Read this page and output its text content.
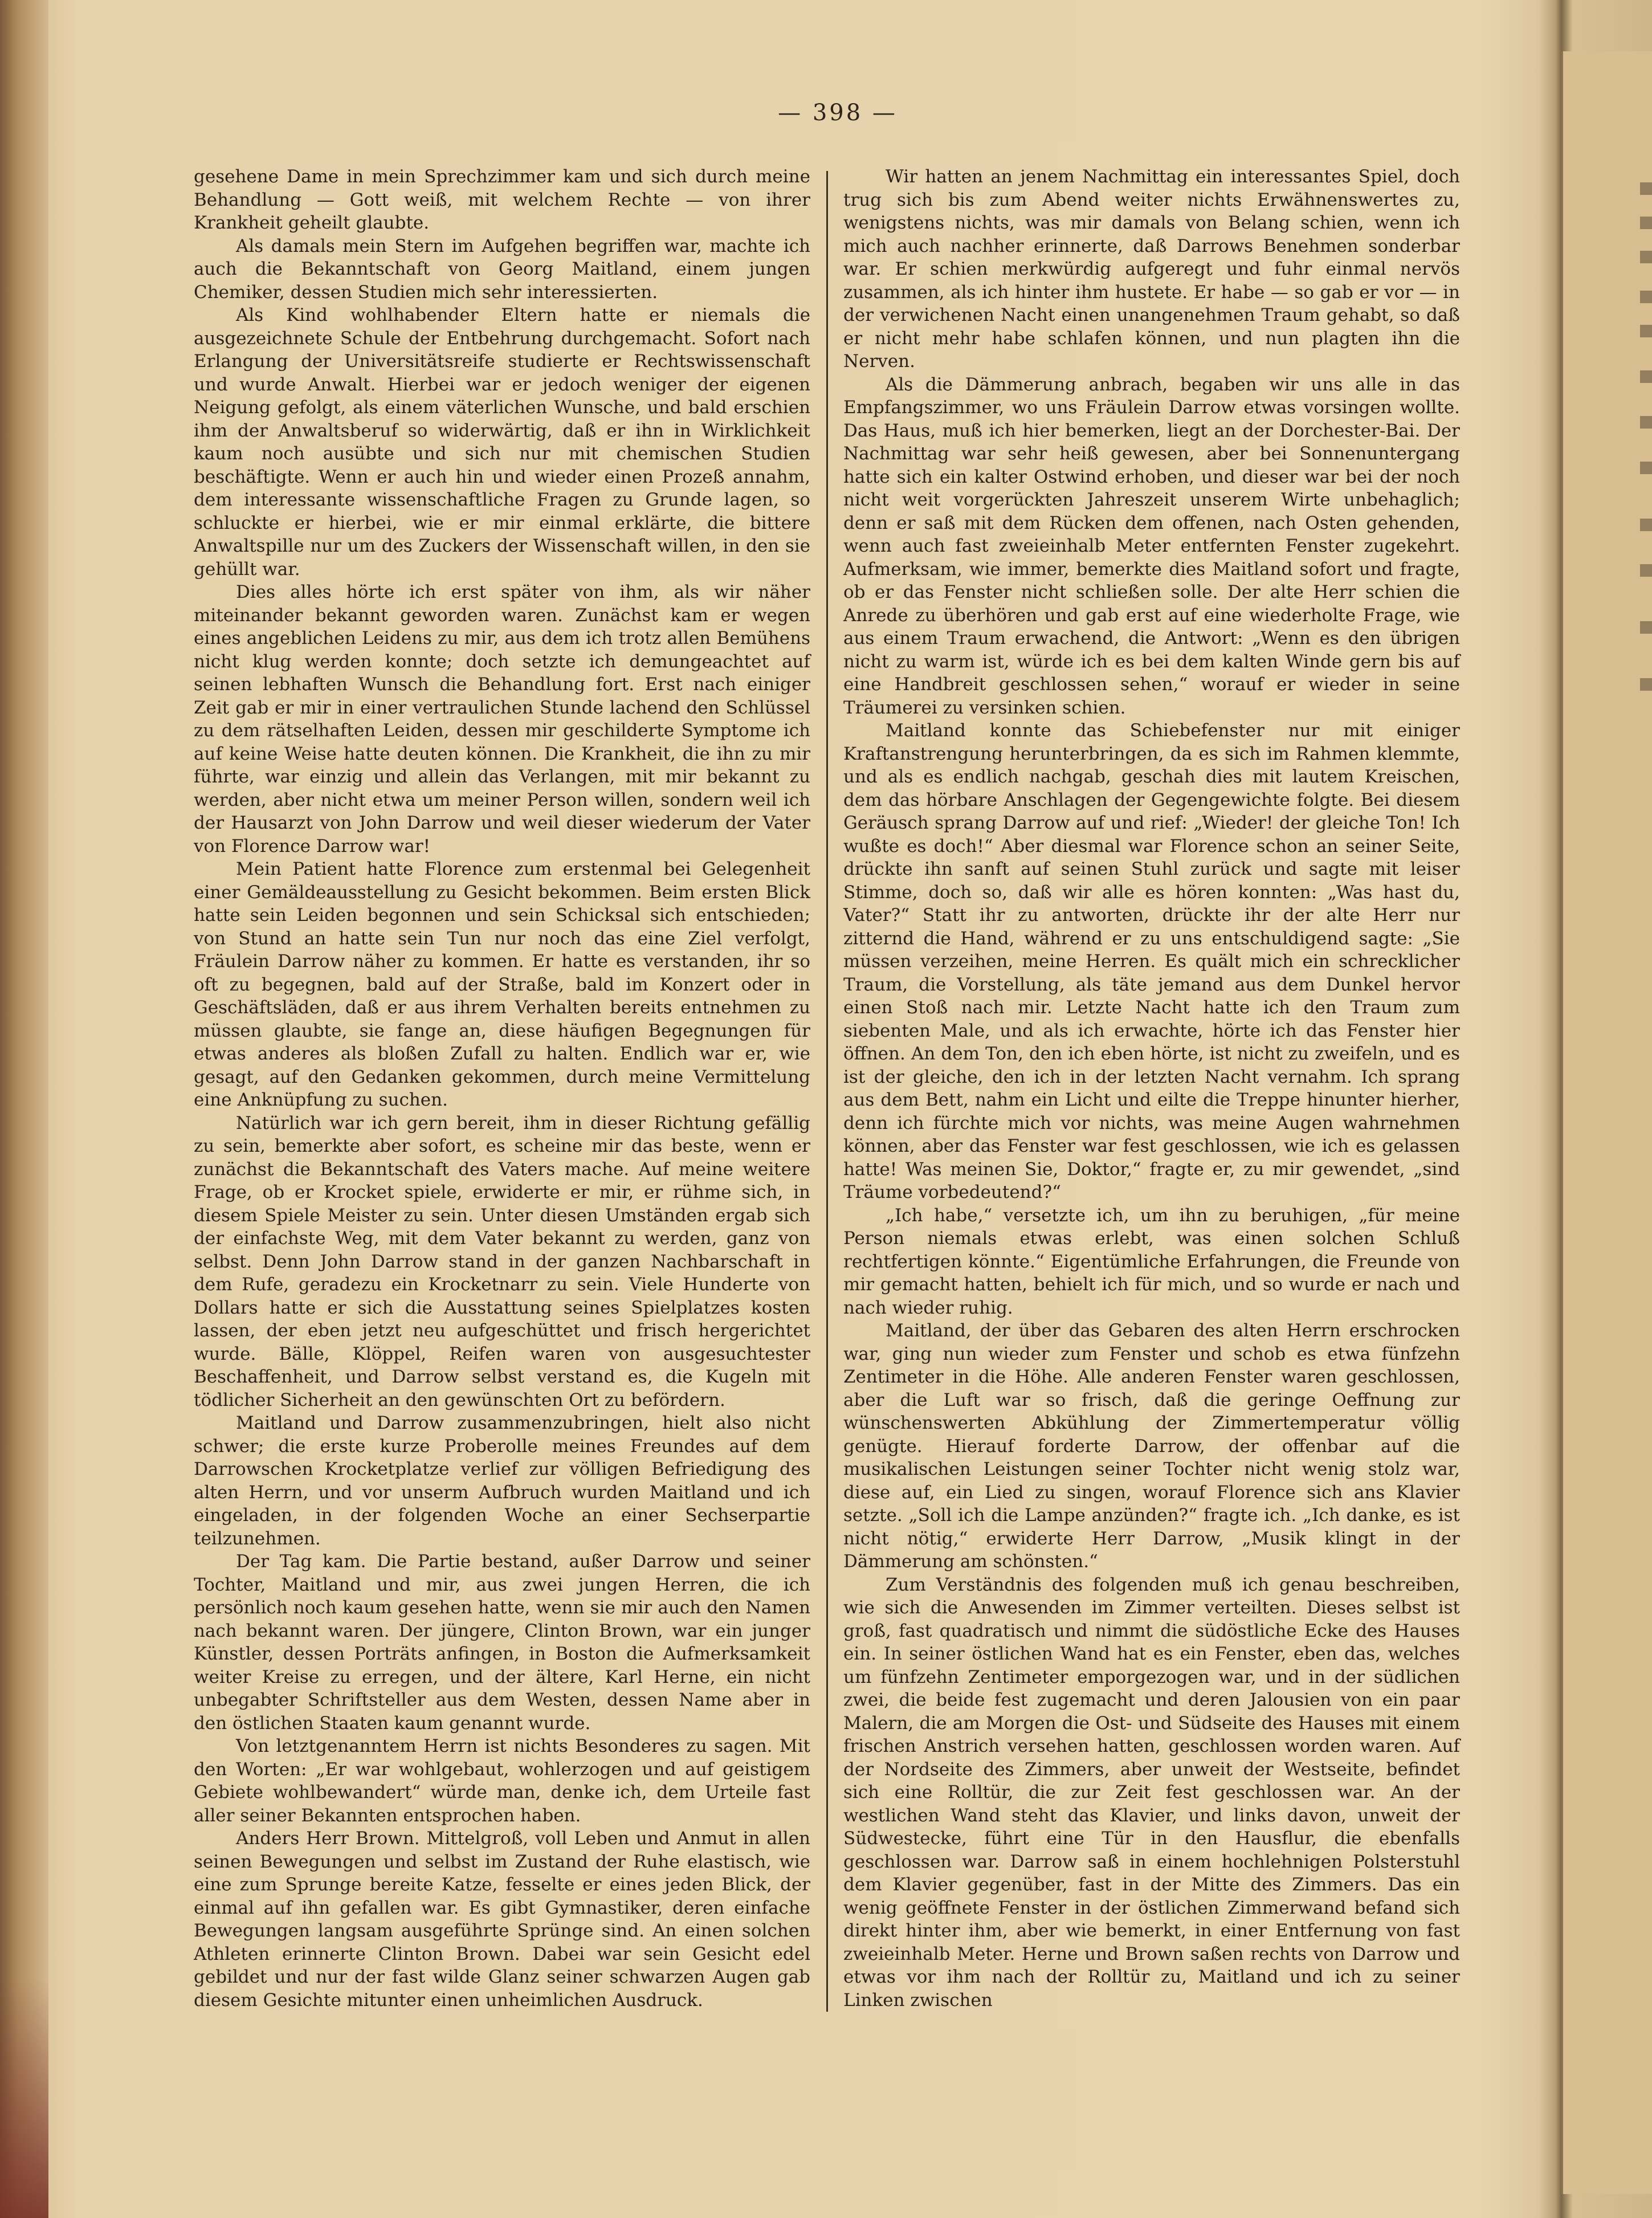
— 398 —

gesehene Dame in mein Sprechzimmer kam und sich durch meine Behandlung — Gott weiß, mit welchem Rechte — von ihrer Krankheit geheilt glaubte.

Als damals mein Stern im Aufgehen begriffen war, machte ich auch die Bekanntschaft von Georg Maitland, einem jungen Chemiker, dessen Studien mich sehr interessierten.

Als Kind wohlhabender Eltern hatte er niemals die ausgezeichnete Schule der Entbehrung durchgemacht. Sofort nach Erlangung der Universitätsreife studierte er Rechtswissenschaft und wurde Anwalt. Hierbei war er jedoch weniger der eigenen Neigung gefolgt, als einem väterlichen Wunsche, und bald erschien ihm der Anwaltsberuf so widerwärtig, daß er ihn in Wirklichkeit kaum noch ausübte und sich nur mit chemischen Studien beschäftigte. Wenn er auch hin und wieder einen Prozeß annahm, dem interessante wissenschaftliche Fragen zu Grunde lagen, so schluckte er hierbei, wie er mir einmal erklärte, die bittere Anwaltspille nur um des Zuckers der Wissenschaft willen, in den sie gehüllt war.

Dies alles hörte ich erst später von ihm, als wir näher miteinander bekannt geworden waren. Zunächst kam er wegen eines angeblichen Leidens zu mir, aus dem ich trotz allen Bemühens nicht klug werden konnte; doch setzte ich demungeachtet auf seinen lebhaften Wunsch die Behandlung fort. Erst nach einiger Zeit gab er mir in einer vertraulichen Stunde lachend den Schlüssel zu dem rätselhaften Leiden, dessen mir geschilderte Symptome ich auf keine Weise hatte deuten können. Die Krankheit, die ihn zu mir führte, war einzig und allein das Verlangen, mit mir bekannt zu werden, aber nicht etwa um meiner Person willen, sondern weil ich der Hausarzt von John Darrow und weil dieser wiederum der Vater von Florence Darrow war!

Mein Patient hatte Florence zum erstenmal bei Gelegenheit einer Gemäldeausstellung zu Gesicht bekommen. Beim ersten Blick hatte sein Leiden begonnen und sein Schicksal sich entschieden; von Stund an hatte sein Tun nur noch das eine Ziel verfolgt, Fräulein Darrow näher zu kommen. Er hatte es verstanden, ihr so oft zu begegnen, bald auf der Straße, bald im Konzert oder in Geschäftsläden, daß er aus ihrem Verhalten bereits entnehmen zu müssen glaubte, sie fange an, diese häufigen Begegnungen für etwas anderes als bloßen Zufall zu halten. Endlich war er, wie gesagt, auf den Gedanken gekommen, durch meine Vermittelung eine Anknüpfung zu suchen.

Natürlich war ich gern bereit, ihm in dieser Richtung gefällig zu sein, bemerkte aber sofort, es scheine mir das beste, wenn er zunächst die Bekanntschaft des Vaters mache. Auf meine weitere Frage, ob er Krocket spiele, erwiderte er mir, er rühme sich, in diesem Spiele Meister zu sein. Unter diesen Umständen ergab sich der einfachste Weg, mit dem Vater bekannt zu werden, ganz von selbst. Denn John Darrow stand in der ganzen Nachbarschaft in dem Rufe, geradezu ein Krocketnarr zu sein. Viele Hunderte von Dollars hatte er sich die Ausstattung seines Spielplatzes kosten lassen, der eben jetzt neu aufgeschüttet und frisch hergerichtet wurde. Bälle, Klöppel, Reifen waren von ausgesuchtester Beschaffenheit, und Darrow selbst verstand es, die Kugeln mit tödlicher Sicherheit an den gewünschten Ort zu befördern.

Maitland und Darrow zusammenzubringen, hielt also nicht schwer; die erste kurze Proberolle meines Freundes auf dem Darrowschen Krocketplatze verlief zur völligen Befriedigung des alten Herrn, und vor unserm Aufbruch wurden Maitland und ich eingeladen, in der folgenden Woche an einer Sechserpartie teilzunehmen.

Der Tag kam. Die Partie bestand, außer Darrow und seiner Tochter, Maitland und mir, aus zwei jungen Herren, die ich persönlich noch kaum gesehen hatte, wenn sie mir auch den Namen nach bekannt waren. Der jüngere, Clinton Brown, war ein junger Künstler, dessen Porträts anfingen, in Boston die Aufmerksamkeit weiter Kreise zu erregen, und der ältere, Karl Herne, ein nicht unbegabter Schriftsteller aus dem Westen, dessen Name aber in den östlichen Staaten kaum genannt wurde.

Von letztgenanntem Herrn ist nichts Besonderes zu sagen. Mit den Worten: „Er war wohlgebaut, wohlerzogen und auf geistigem Gebiete wohlbewandert“ würde man, denke ich, dem Urteile fast aller seiner Bekannten entsprochen haben.

Anders Herr Brown. Mittelgroß, voll Leben und Anmut in allen seinen Bewegungen und selbst im Zustand der Ruhe elastisch, wie eine zum Sprunge bereite Katze, fesselte er eines jeden Blick, der einmal auf ihn gefallen war. Es gibt Gymnastiker, deren einfache Bewegungen langsam ausgeführte Sprünge sind. An einen solchen Athleten erinnerte Clinton Brown. Dabei war sein Gesicht edel gebildet und nur der fast wilde Glanz seiner schwarzen Augen gab diesem Gesichte mitunter einen unheimlichen Ausdruck.

Wir hatten an jenem Nachmittag ein interessantes Spiel, doch trug sich bis zum Abend weiter nichts Erwähnenswertes zu, wenigstens nichts, was mir damals von Belang schien, wenn ich mich auch nachher erinnerte, daß Darrows Benehmen sonderbar war. Er schien merkwürdig aufgeregt und fuhr einmal nervös zusammen, als ich hinter ihm hustete. Er habe — so gab er vor — in der verwichenen Nacht einen unangenehmen Traum gehabt, so daß er nicht mehr habe schlafen können, und nun plagten ihn die Nerven.

Als die Dämmerung anbrach, begaben wir uns alle in das Empfangszimmer, wo uns Fräulein Darrow etwas vorsingen wollte. Das Haus, muß ich hier bemerken, liegt an der Dorchester-Bai. Der Nachmittag war sehr heiß gewesen, aber bei Sonnenuntergang hatte sich ein kalter Ostwind erhoben, und dieser war bei der noch nicht weit vorgerückten Jahreszeit unserem Wirte unbehaglich; denn er saß mit dem Rücken dem offenen, nach Osten gehenden, wenn auch fast zweieinhalb Meter entfernten Fenster zugekehrt. Aufmerksam, wie immer, bemerkte dies Maitland sofort und fragte, ob er das Fenster nicht schließen solle. Der alte Herr schien die Anrede zu überhören und gab erst auf eine wiederholte Frage, wie aus einem Traum erwachend, die Antwort: „Wenn es den übrigen nicht zu warm ist, würde ich es bei dem kalten Winde gern bis auf eine Handbreit geschlossen sehen,“ worauf er wieder in seine Träumerei zu versinken schien.

Maitland konnte das Schiebefenster nur mit einiger Kraftanstrengung herunterbringen, da es sich im Rahmen klemmte, und als es endlich nachgab, geschah dies mit lautem Kreischen, dem das hörbare Anschlagen der Gegengewichte folgte. Bei diesem Geräusch sprang Darrow auf und rief: „Wieder! der gleiche Ton! Ich wußte es doch!“ Aber diesmal war Florence schon an seiner Seite, drückte ihn sanft auf seinen Stuhl zurück und sagte mit leiser Stimme, doch so, daß wir alle es hören konnten: „Was hast du, Vater?“ Statt ihr zu antworten, drückte ihr der alte Herr nur zitternd die Hand, während er zu uns entschuldigend sagte: „Sie müssen verzeihen, meine Herren. Es quält mich ein schrecklicher Traum, die Vorstellung, als täte jemand aus dem Dunkel hervor einen Stoß nach mir. Letzte Nacht hatte ich den Traum zum siebenten Male, und als ich erwachte, hörte ich das Fenster hier öffnen. An dem Ton, den ich eben hörte, ist nicht zu zweifeln, und es ist der gleiche, den ich in der letzten Nacht vernahm. Ich sprang aus dem Bett, nahm ein Licht und eilte die Treppe hinunter hierher, denn ich fürchte mich vor nichts, was meine Augen wahrnehmen können, aber das Fenster war fest geschlossen, wie ich es gelassen hatte! Was meinen Sie, Doktor,“ fragte er, zu mir gewendet, „sind Träume vorbedeutend?“

„Ich habe,“ versetzte ich, um ihn zu beruhigen, „für meine Person niemals etwas erlebt, was einen solchen Schluß rechtfertigen könnte.“ Eigentümliche Erfahrungen, die Freunde von mir gemacht hatten, behielt ich für mich, und so wurde er nach und nach wieder ruhig.

Maitland, der über das Gebaren des alten Herrn erschrocken war, ging nun wieder zum Fenster und schob es etwa fünfzehn Zentimeter in die Höhe. Alle anderen Fenster waren geschlossen, aber die Luft war so frisch, daß die geringe Oeffnung zur wünschenswerten Abkühlung der Zimmertemperatur völlig genügte. Hierauf forderte Darrow, der offenbar auf die musikalischen Leistungen seiner Tochter nicht wenig stolz war, diese auf, ein Lied zu singen, worauf Florence sich ans Klavier setzte. „Soll ich die Lampe anzünden?“ fragte ich. „Ich danke, es ist nicht nötig,“ erwiderte Herr Darrow, „Musik klingt in der Dämmerung am schönsten.“

Zum Verständnis des folgenden muß ich genau beschreiben, wie sich die Anwesenden im Zimmer verteilten. Dieses selbst ist groß, fast quadratisch und nimmt die südöstliche Ecke des Hauses ein. In seiner östlichen Wand hat es ein Fenster, eben das, welches um fünfzehn Zentimeter emporgezogen war, und in der südlichen zwei, die beide fest zugemacht und deren Jalousien von ein paar Malern, die am Morgen die Ost- und Südseite des Hauses mit einem frischen Anstrich versehen hatten, geschlossen worden waren. Auf der Nordseite des Zimmers, aber unweit der Westseite, befindet sich eine Rolltür, die zur Zeit fest geschlossen war. An der westlichen Wand steht das Klavier, und links davon, unweit der Südwestecke, führt eine Tür in den Hausflur, die ebenfalls geschlossen war. Darrow saß in einem hochlehnigen Polsterstuhl dem Klavier gegenüber, fast in der Mitte des Zimmers. Das ein wenig geöffnete Fenster in der östlichen Zimmerwand befand sich direkt hinter ihm, aber wie bemerkt, in einer Entfernung von fast zweieinhalb Meter. Herne und Brown saßen rechts von Darrow und etwas vor ihm nach der Rolltür zu, Maitland und ich zu seiner Linken zwischen
